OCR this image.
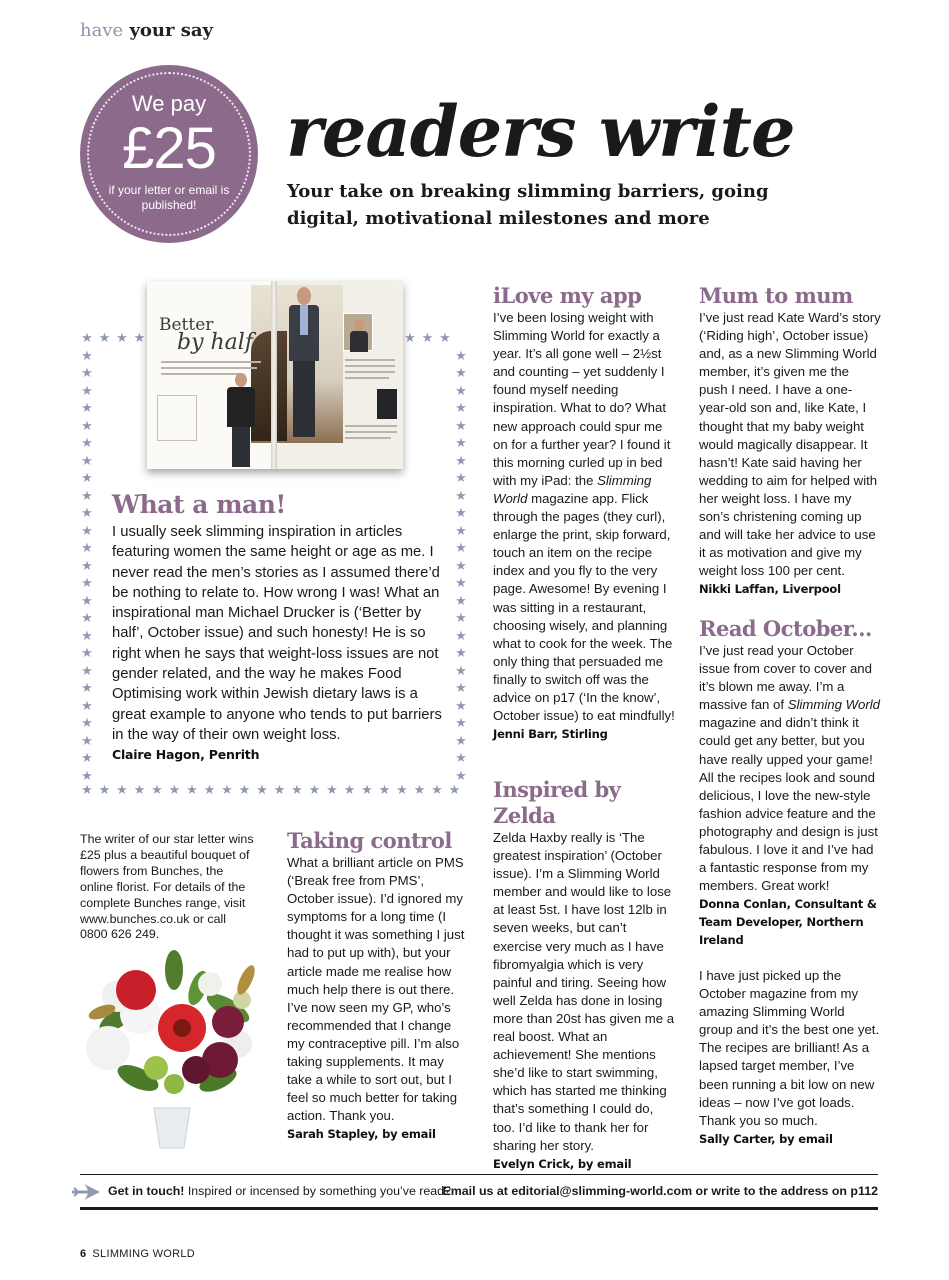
have your say
We pay
£25
if your letter or email is published!
readers write
Your take on breaking slimming barriers, going digital, motivational milestones and more
★ ★ ★ ★	★ ★ ★
★ ★ ★ ★ ★ ★ ★ ★ ★ ★ ★ ★ ★ ★ ★ ★ ★ ★ ★ ★ ★ ★
★	★
★	★
★	★
★	★
★	★
★	★
★	★
★	★
★	★
★	★
★	★
★	★
★	★
★	★
★	★
★	★
★	★
★	★
★	★
★	★
★	★
★	★
★	★
★	★
★	★
Better
by half
What a man!

I usually seek slimming inspiration in articles featuring women the same height or age as me. I never read the men’s stories as I assumed there’d be nothing to relate to. How wrong I was! What an inspirational man Michael Drucker is (‘Better by half’, October issue) and such honesty! He is so right when he says that weight-loss issues are not gender related, and the way he makes Food Optimising work within Jewish dietary laws is a great example to anyone who tends to put barriers in the way of their own weight loss.

Claire Hagon, Penrith
The writer of our star letter wins £25 plus a beautiful bouquet of flowers from Bunches, the online florist. For details of the complete Bunches range, visit www.bunches.co.uk or call 0800 626 249.
Taking control

What a brilliant article on PMS (‘Break free from PMS’, October issue). I’d ignored my symptoms for a long time (I thought it was something I just had to put up with), but your article made me realise how much help there is out there. I’ve now seen my GP, who’s recommended that I change my contraceptive pill. I’m also taking supplements. It may take a while to sort out, but I feel so much better for taking action. Thank you.

Sarah Stapley, by email
iLove my app

I’ve been losing weight with Slimming World for exactly a year. It’s all gone well – 2½st and counting – yet suddenly I found myself needing inspiration. What to do? What new approach could spur me on for a further year? I found it this morning curled up in bed with my iPad: the Slimming World magazine app. Flick through the pages (they curl), enlarge the print, skip forward, touch an item on the recipe index and you fly to the very page. Awesome! By evening I was sitting in a restaurant, choosing wisely, and planning what to cook for the week. The only thing that persuaded me finally to switch off was the advice on p17 (‘In the know’, October issue) to eat mindfully!

Jenni Barr, Stirling
Inspired by Zelda

Zelda Haxby really is ‘The greatest inspiration’ (October issue). I’m a Slimming World member and would like to lose at least 5st. I have lost 12lb in seven weeks, but can’t exercise very much as I have fibromyalgia which is very painful and tiring. Seeing how well Zelda has done in losing more than 20st has given me a real boost. What an achievement! She mentions she’d like to start swimming, which has started me thinking that’s something I could do, too. I’d like to thank her for sharing her story.

Evelyn Crick, by email
Mum to mum

I’ve just read Kate Ward’s story (‘Riding high’, October issue) and, as a new Slimming World member, it’s given me the push I need. I have a one-year-old son and, like Kate, I thought that my baby weight would magically disappear. It hasn’t! Kate said having her wedding to aim for helped with her weight loss. I have my son’s christening coming up and will take her advice to use it as motivation and give my weight loss 100 per cent.

Nikki Laffan, Liverpool
Read October...

I’ve just read your October issue from cover to cover and it’s blown me away. I’m a massive fan of Slimming World magazine and didn’t think it could get any better, but you have really upped your game! All the recipes look and sound delicious, I love the new-style fashion advice feature and the photography and design is just fabulous. I love it and I’ve had a fantastic response from my members. Great work!

Donna Conlan, Consultant & Team Developer, Northern Ireland

I have just picked up the October magazine from my amazing Slimming World group and it’s the best one yet. The recipes are brilliant! As a lapsed target member, I’ve been running a bit low on new ideas – now I’ve got loads. Thank you so much.

Sally Carter, by email
Get in touch! Inspired or incensed by something you’ve read?
Email us at editorial@slimming-world.com or write to the address on p112
6 SLIMMING WORLD
